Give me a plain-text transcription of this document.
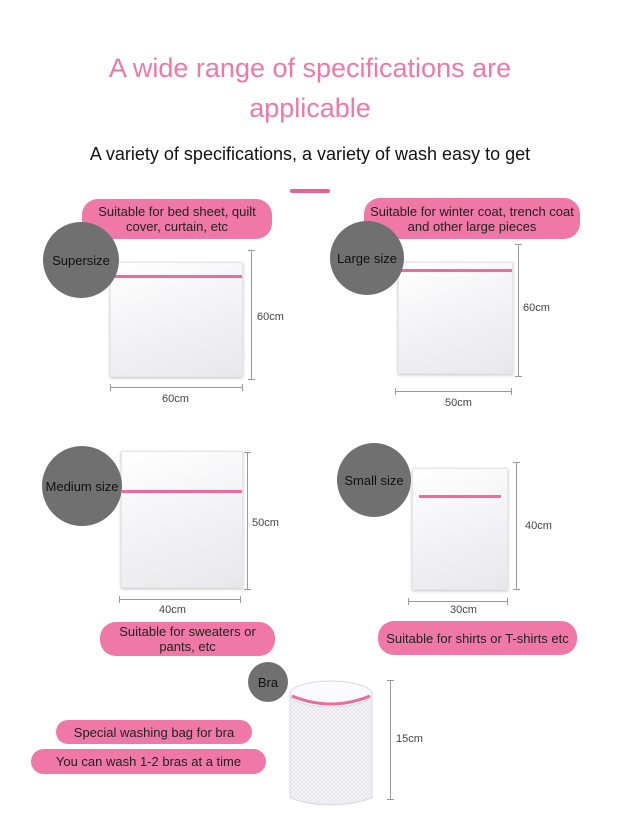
A wide range of specifications are
applicable
A variety of specifications, a variety of wash easy to get
Suitable for bed sheet, quilt cover, curtain, etc
Supersize
60cm
60cm
Suitable for winter coat, trench coat and other large pieces
Large size
60cm
50cm
Medium size
50cm
40cm
Suitable for sweaters or pants, etc
Small size
40cm
30cm
Suitable for shirts or T-shirts etc
Bra
15cm
Special washing bag for bra
You can wash 1-2 bras at a time
